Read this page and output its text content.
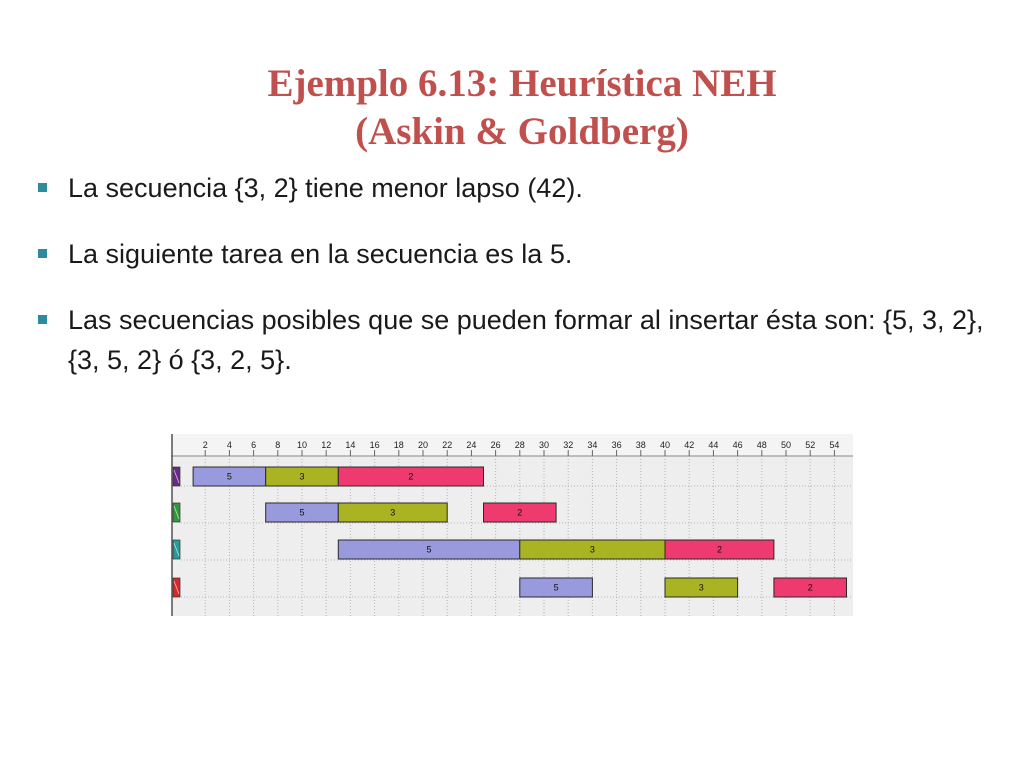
Ejemplo 6.13: Heurística NEH
(Askin & Goldberg)
La secuencia {3, 2} tiene menor lapso (42).
La siguiente tarea en la secuencia es la 5.
Las secuencias posibles que se pueden formar al insertar ésta son: {5, 3, 2}, {3, 5, 2} ó {3, 2, 5}.
2 4 6 8 10 12 14 16 18 20 22 24 26 28 30 32 34 36 38 40 42 44 46 48 50 52 54
5	3	2
5	3	2
5	3	2
5	3	2
